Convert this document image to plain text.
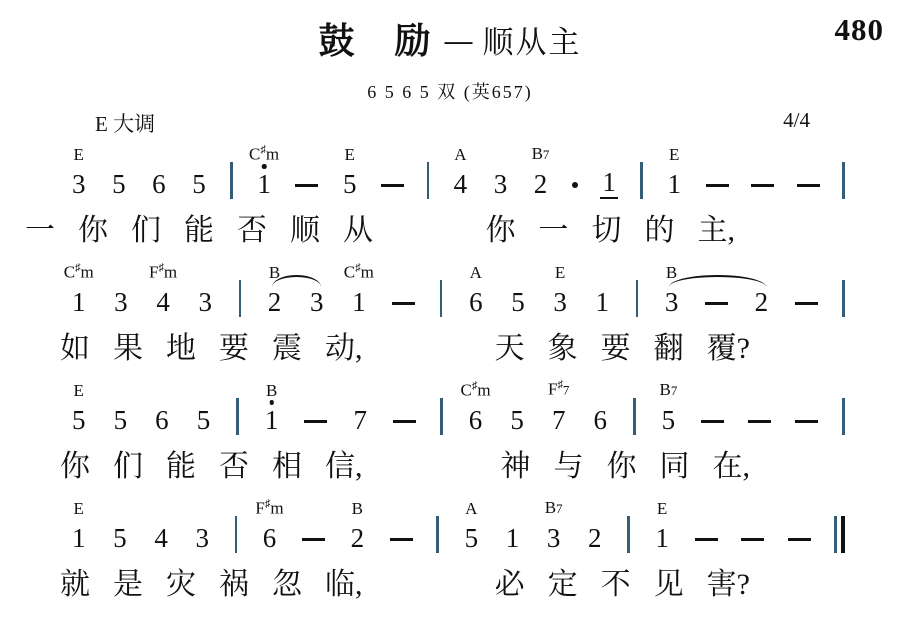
480
鼓　励 — 顺从主
6 5 6 5 双 (英657)
E 大调	4/4
E
3 5 6 5
C♯m
1
E
5
A
4 3
B7
2 1
E
1
一 你 们 能 否 顺 从	你 一 切 的 主,
C♯m
1 3
F♯m
4 3
B
2 3
C♯m
1
A
6 5
E
3 1
B
3	2
如 果 地 要 震 动,	天 象 要 翻 覆?
E
5 5 6 5
B
1	7
C♯m
6 5
F♯7
7 6
B7
5
你 们 能 否 相 信,	神 与 你 同 在,
E
1 5 4 3
F♯m
6
B
2
A
5 1
B7
3 2
E
1
就 是 灾 祸 忽 临,	必 定 不 见 害?
